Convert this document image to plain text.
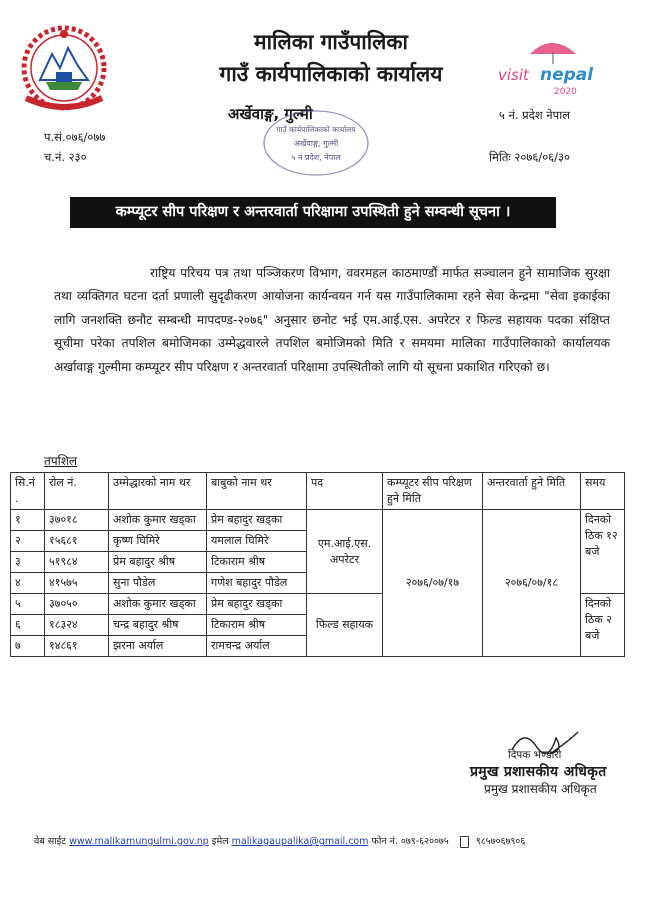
मालिका गाउँपालिका
गाउँ कार्यपालिकाको कार्यालय
अर्खेवाङ्ग, गुल्मी
गाउँ कार्यपालिकाको कार्यालय
अर्खेवाङ्ग, गुल्मी
५ नं प्रदेश, नेपाल
visit nepal
2020
५ नं. प्रदेश नेपाल
प.सं.०७६/०७७
च.नं. २३०	मितिः २०७६/०६/३०
कम्प्यूटर सीप परिक्षण र अन्तरवार्ता परिक्षामा उपस्थिती हुने सम्वन्धी सूचना ।
राष्ट्रिय परिचय पत्र तथा पञ्जिकरण विभाग, ववरमहल काठमाण्डौं मार्फत सञ्चालन हुने सामाजिक सुरक्षा तथा व्यक्तिगत घटना दर्ता प्रणाली सुदृढीकरण आयोजना कार्यन्वयन गर्न यस गाउँपालिकामा रहने सेवा केन्द्रमा "सेवा इकाईका लागि जनशक्ति छनौट सम्बन्धी मापदण्ड-२०७६" अनुसार छनोट भई एम.आई.एस. अपरेटर र फिल्ड सहायक पदका संक्षिप्त सूचीमा परेका तपशिल बमोजिमका उम्मेद्धवारले तपशिल बमोजिमको मिति र समयमा मालिका गाउँपालिकाको कार्यालयक अर्खावाङ्ग गुल्मीमा कम्प्यूटर सीप परिक्षण र अन्तरवार्ता परिक्षामा उपस्थितीको लागि यो सूचना प्रकाशित गरिएको छ।
तपशिल
सि.नं .	रोल नं.	उम्मेद्धारको नाम थर	बाबुको नाम थर	पद	कम्प्यूटर सीप परिक्षण हुने मिति	अन्तरवार्ता हुने मिति	समय
१	३७०१८	अशोक कुमार खड्का	प्रेम बहादुर खड्का	एम.आई.एस. अपरेटर	२०७६/०७/१७	२०७६/०७/१८	दिनको ठिक १२ बजे
२	१५६८१	कृष्ण घिमिरे	यमलाल घिमिरे				
३	५१९८४	प्रेम बहादुर श्रीष	टिकाराम श्रीष				
४	४१५७५	सुना पौडेल	गणेश बहादुर पौडेल				
५	३७०५०	अशोक कुमार खड्का	प्रेम बहादुर खड्का	फिल्ड सहायक			दिनको ठिक २ बजे
६	१८३२४	चन्द्र बहादुर श्रीष	टिकाराम श्रीष				
७	१४८६१	झरना अर्याल	रामचन्द्र अर्याल				
दिपक भण्डारी
प्रमुख प्रशासकीय अधिकृत
प्रमुख प्रशासकीय अधिकृत
वेब साईट www.malikamungulmi.gov.np इमेल malikagaupalika@gmail.com फोन नं. ०७९-६२००७५	९८५७०६७९०६
